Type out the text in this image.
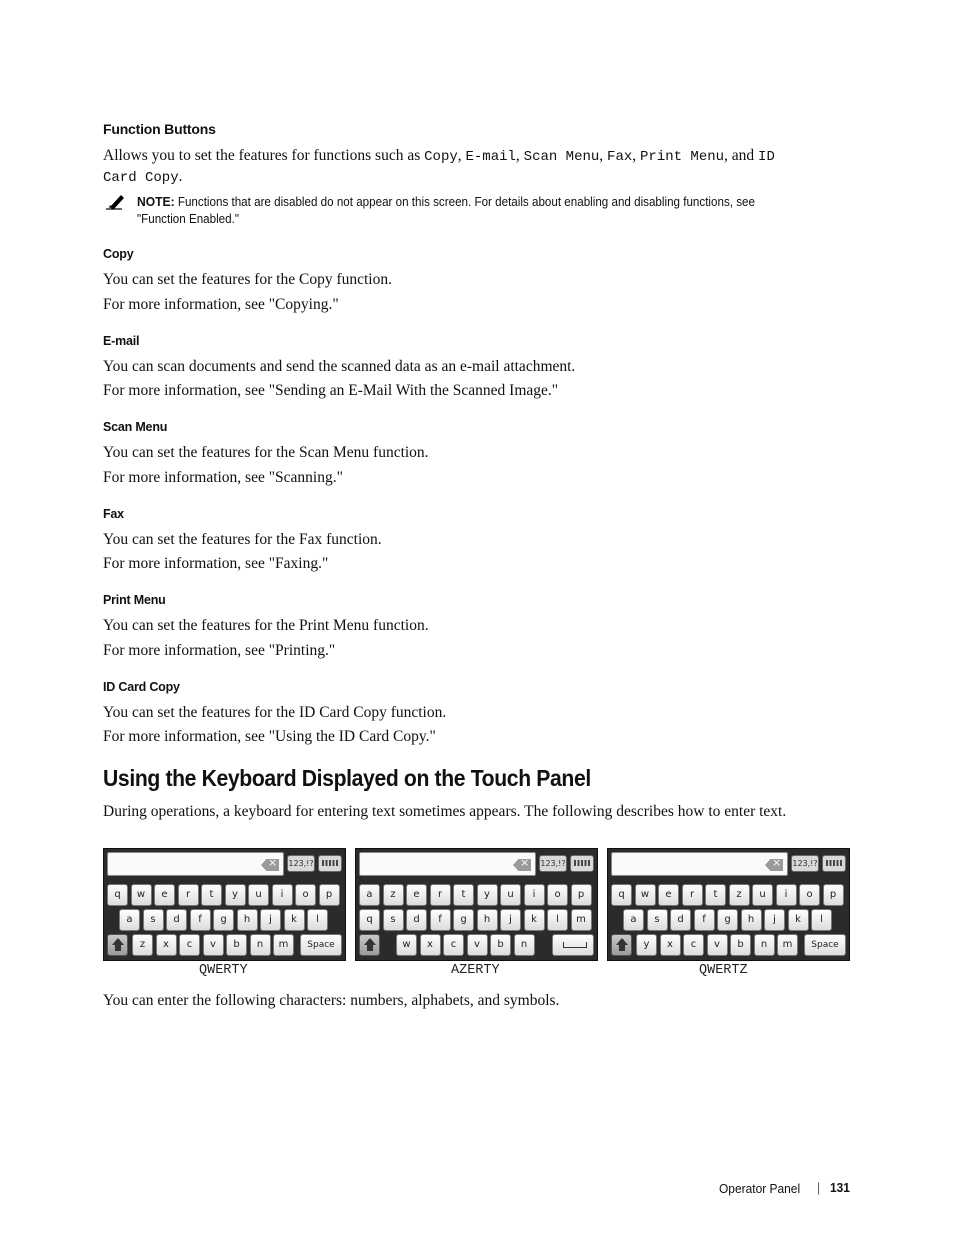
Function Buttons
Allows you to set the features for functions such as Copy, E-mail, Scan Menu, Fax, Print Menu, and ID
Card Copy.
NOTE: Functions that are disabled do not appear on this screen. For details about enabling and disabling functions, see "Function Enabled."
Copy
You can set the features for the Copy function.
For more information, see "Copying."
E-mail
You can scan documents and send the scanned data as an e-mail attachment.
For more information, see "Sending an E-Mail With the Scanned Image."
Scan Menu
You can set the features for the Scan Menu function.
For more information, see "Scanning."
Fax
You can set the features for the Fax function.
For more information, see "Faxing."
Print Menu
You can set the features for the Print Menu function.
For more information, see "Printing."
ID Card Copy
You can set the features for the ID Card Copy function.
For more information, see "Using the ID Card Copy."
Using the Keyboard Displayed on the Touch Panel
During operations, a keyboard for entering text sometimes appears. The following describes how to enter text.
×
123,!?
q	w	e	r	t	y	u	i	o	p
a	s	d	f	g	h	j	k	l
z	x	c	v	b	n	m	Space
QWERTY
×
123,!?
a	z	e	r	t	y	u	i	o	p
q	s	d	f	g	h	j	k	l	m
w	x	c	v	b	n
AZERTY
×
123,!?
q	w	e	r	t	z	u	i	o	p
a	s	d	f	g	h	j	k	l
y	x	c	v	b	n	m	Space
QWERTZ
You can enter the following characters: numbers, alphabets, and symbols.
Operator Panel | 131
